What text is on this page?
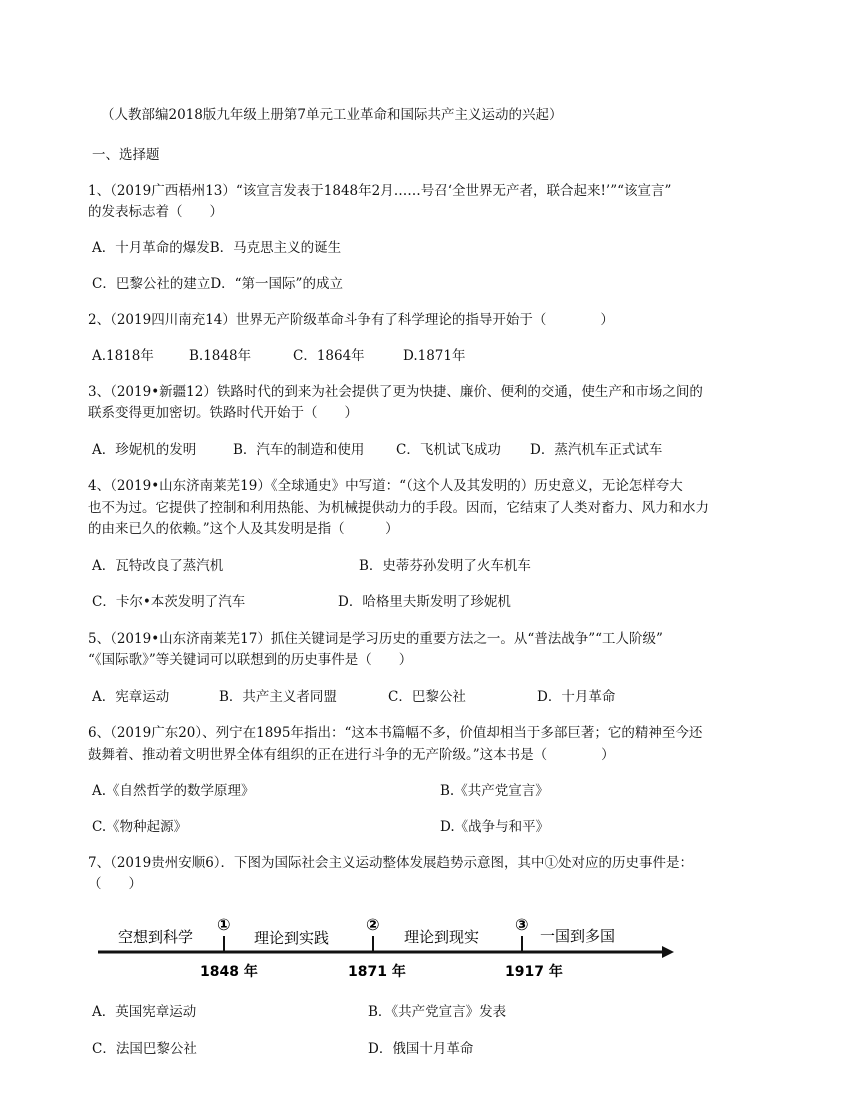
（人教部编2018版九年级上册第7单元工业革命和国际共产主义运动的兴起）
一、选择题
1、（2019广西梧州13）“该宣言发表于1848年2月……号召‘全世界无产者，联合起来!’”“该宣言”
的发表标志着（　　）
A．十月革命的爆发B．马克思主义的诞生
C．巴黎公社的建立D．“第一国际”的成立
2、（2019四川南充14）世界无产阶级革命斗争有了科学理论的指导开始于（　　　　）
A.1818年	B.1848年	C．1864年	D.1871年
3、（2019•新疆12）铁路时代的到来为社会提供了更为快捷、廉价、便利的交通，使生产和市场之间的
联系变得更加密切。铁路时代开始于（　　）
A．珍妮机的发明	B．汽车的制造和使用 C．飞机试飞成功 D．蒸汽机车正式试车
4、（2019•山东济南莱芜19）《全球通史》中写道：“（这个人及其发明的）历史意义，无论怎样夸大
也不为过。它提供了控制和利用热能、为机械提供动力的手段。因而，它结束了人类对畜力、风力和水力
的由来已久的依赖。”这个人及其发明是指（　　　）
A．瓦特改良了蒸汽机	B．史蒂芬孙发明了火车机车
C．卡尔•本茨发明了汽车	D．哈格里夫斯发明了珍妮机
5、（2019•山东济南莱芜17）抓住关键词是学习历史的重要方法之一。从“普法战争”“工人阶级”
“《国际歌》”等关键词可以联想到的历史事件是（　　）
A．宪章运动	B．共产主义者同盟	C．巴黎公社	D．十月革命
6、（2019广东20）、列宁在1895年指出：“这本书篇幅不多，价值却相当于多部巨著；它的精神至今还
鼓舞着、推动着文明世界全体有组织的正在进行斗争的无产阶级。”这本书是（　　　　）
A.《自然哲学的数学原理》	B.《共产党宣言》
C.《物种起源》	D.《战争与和平》
7、（2019贵州安顺6）．下图为国际社会主义运动整体发展趋势示意图，其中①处对应的历史事件是：
（　　）
空想到科学	理论到实践	理论到现实	一国到多国
①	②	③
1848 年	1871 年	1917 年
A．英国宪章运动	B．《共产党宣言》发表
C．法国巴黎公社	D．俄国十月革命
